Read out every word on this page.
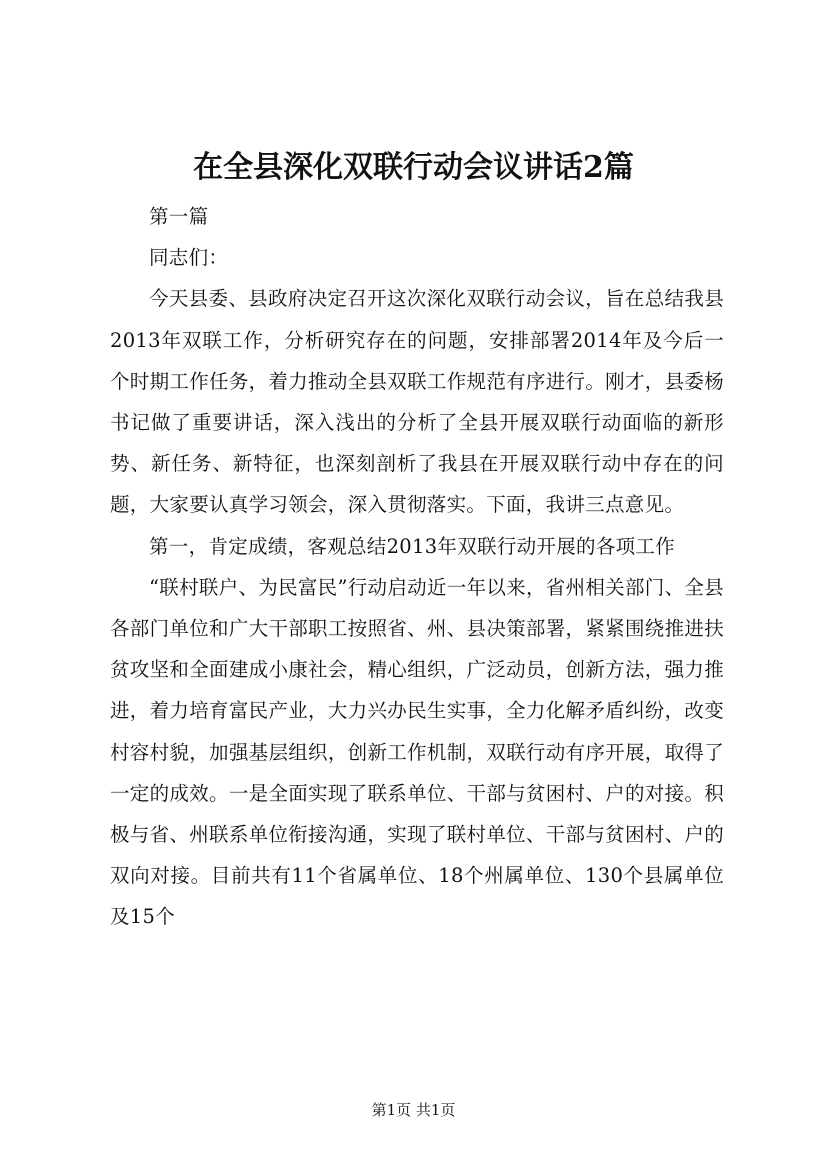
在全县深化双联行动会议讲话2篇

第一篇

同志们：

今天县委、县政府决定召开这次深化双联行动会议，旨在总结我县2013年双联工作，分析研究存在的问题，安排部署2014年及今后一个时期工作任务，着力推动全县双联工作规范有序进行。刚才，县委杨书记做了重要讲话，深入浅出的分析了全县开展双联行动面临的新形势、新任务、新特征，也深刻剖析了我县在开展双联行动中存在的问题，大家要认真学习领会，深入贯彻落实。下面，我讲三点意见。

第一，肯定成绩，客观总结2013年双联行动开展的各项工作

“联村联户、为民富民”行动启动近一年以来，省州相关部门、全县各部门单位和广大干部职工按照省、州、县决策部署，紧紧围绕推进扶贫攻坚和全面建成小康社会，精心组织，广泛动员，创新方法，强力推进，着力培育富民产业，大力兴办民生实事，全力化解矛盾纠纷，改变村容村貌，加强基层组织，创新工作机制，双联行动有序开展，取得了一定的成效。一是全面实现了联系单位、干部与贫困村、户的对接。积极与省、州联系单位衔接沟通，实现了联村单位、干部与贫困村、户的双向对接。目前共有11个省属单位、18个州属单位、130个县属单位及15个

第1页 共1页
